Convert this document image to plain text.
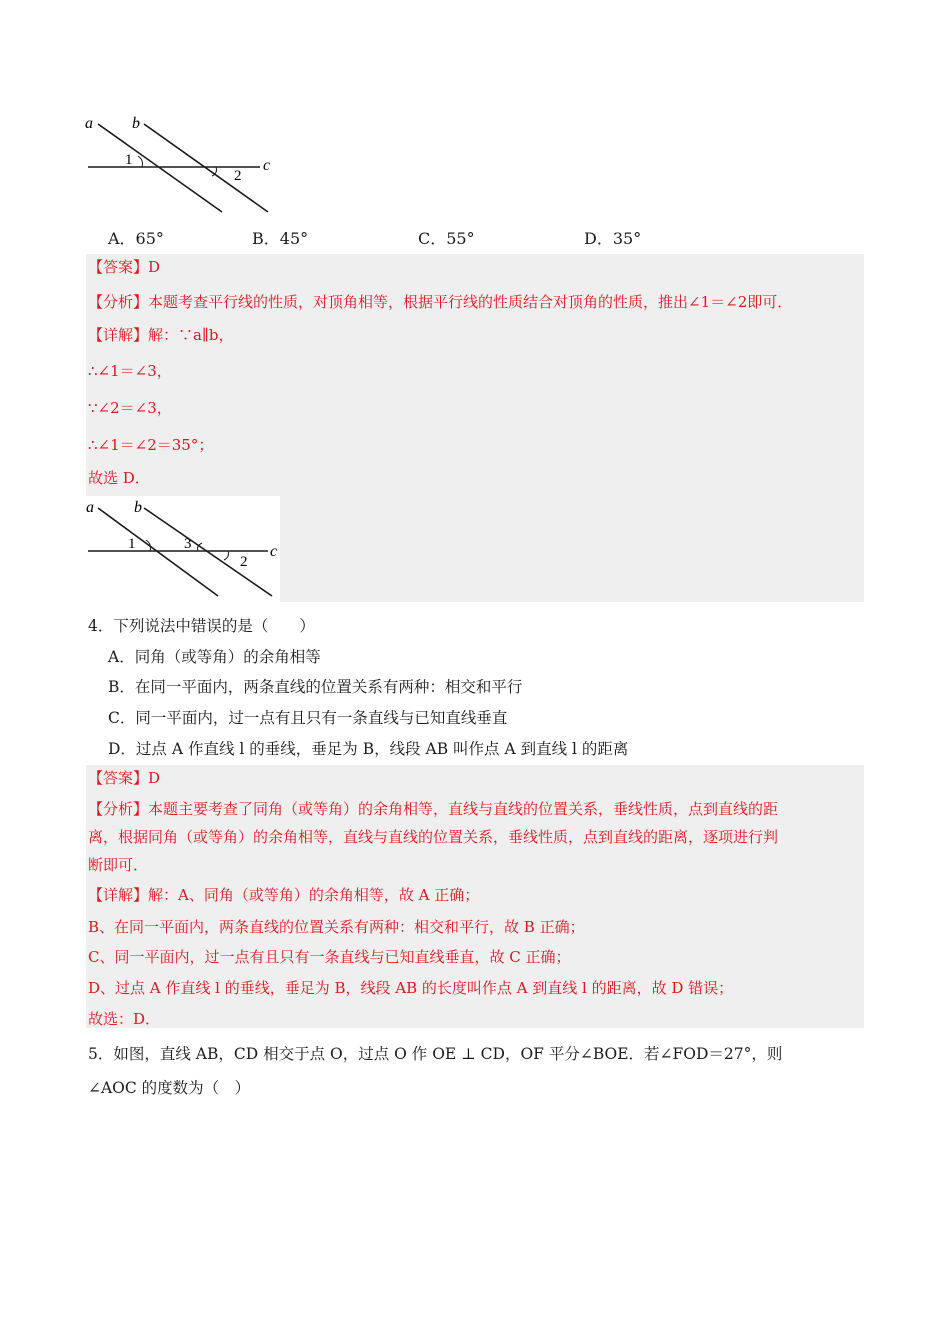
a b
c
1
2
A．65°	B．45°	C．55°	D．35°
【答案】D
【分析】本题考查平行线的性质，对顶角相等，根据平行线的性质结合对顶角的性质，推出∠1＝∠2即可．
【详解】解：∵a∥b，
∴∠1＝∠3，
∵∠2＝∠3，
∴∠1＝∠2＝35°；
故选 D．
a	b
c
1	3
2
4．下列说法中错误的是（　　）
A．同角（或等角）的余角相等
B．在同一平面内，两条直线的位置关系有两种：相交和平行
C．同一平面内，过一点有且只有一条直线与已知直线垂直
D．过点 A 作直线 l 的垂线，垂足为 B，线段 AB 叫作点 A 到直线 l 的距离
【答案】D
【分析】本题主要考查了同角（或等角）的余角相等，直线与直线的位置关系，垂线性质，点到直线的距
离，根据同角（或等角）的余角相等，直线与直线的位置关系，垂线性质，点到直线的距离，逐项进行判
断即可．
【详解】解：A、同角（或等角）的余角相等，故 A 正确；
B、在同一平面内，两条直线的位置关系有两种：相交和平行，故 B 正确；
C、同一平面内，过一点有且只有一条直线与已知直线垂直，故 C 正确；
D、过点 A 作直线 l 的垂线，垂足为 B，线段 AB 的长度叫作点 A 到直线 l 的距离，故 D 错误；
故选：D．
5．如图，直线 AB，CD 相交于点 O，过点 O 作 OE ⊥ CD，OF 平分∠BOE．若∠FOD＝27°，则
∠AOC 的度数为（　）
